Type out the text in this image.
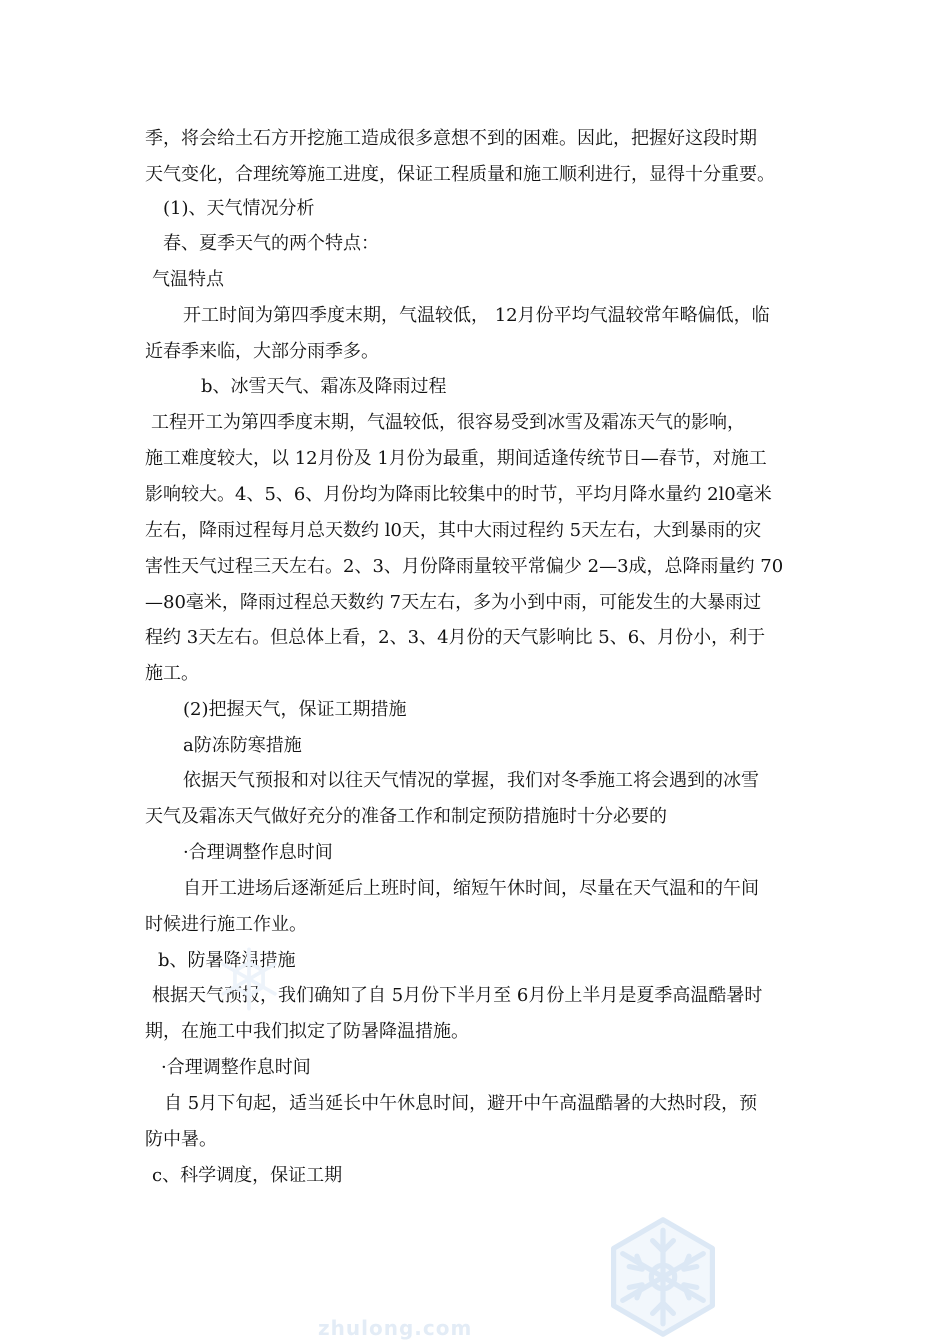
季，将会给土石方开挖施工造成很多意想不到的困难。因此，把握好这段时期
天气变化，合理统筹施工进度，保证工程质量和施工顺利进行，显得十分重要。
(1)、天气情况分析
春、夏季天气的两个特点：
气温特点
开工时间为第四季度末期，气温较低， 12月份平均气温较常年略偏低，临
近春季来临，大部分雨季多。
b、冰雪天气、霜冻及降雨过程
工程开工为第四季度末期，气温较低，很容易受到冰雪及霜冻天气的影响，
施工难度较大，以 12月份及 1月份为最重，期间适逢传统节日—春节，对施工
影响较大。4、5、6、月份均为降雨比较集中的时节，平均月降水量约 2l0毫米
左右，降雨过程每月总天数约 l0天，其中大雨过程约 5天左右，大到暴雨的灾
害性天气过程三天左右。2、3、月份降雨量较平常偏少 2—3成，总降雨量约 70
—80毫米，降雨过程总天数约 7天左右，多为小到中雨，可能发生的大暴雨过
程约 3天左右。但总体上看，2、3、4月份的天气影响比 5、6、月份小，利于
施工。
(2)把握天气，保证工期措施
a防冻防寒措施
依据天气预报和对以往天气情况的掌握，我们对冬季施工将会遇到的冰雪
天气及霜冻天气做好充分的准备工作和制定预防措施时十分必要的
·合理调整作息时间
自开工进场后逐渐延后上班时间，缩短午休时间，尽量在天气温和的午间
时候进行施工作业。
b、防暑降温措施
根据天气预报，我们确知了自 5月份下半月至 6月份上半月是夏季高温酷暑时
期，在施工中我们拟定了防暑降温措施。
·合理调整作息时间
自 5月下旬起，适当延长中午休息时间，避开中午高温酷暑的大热时段，预
防中暑。
c、科学调度，保证工期
zhulong.com
